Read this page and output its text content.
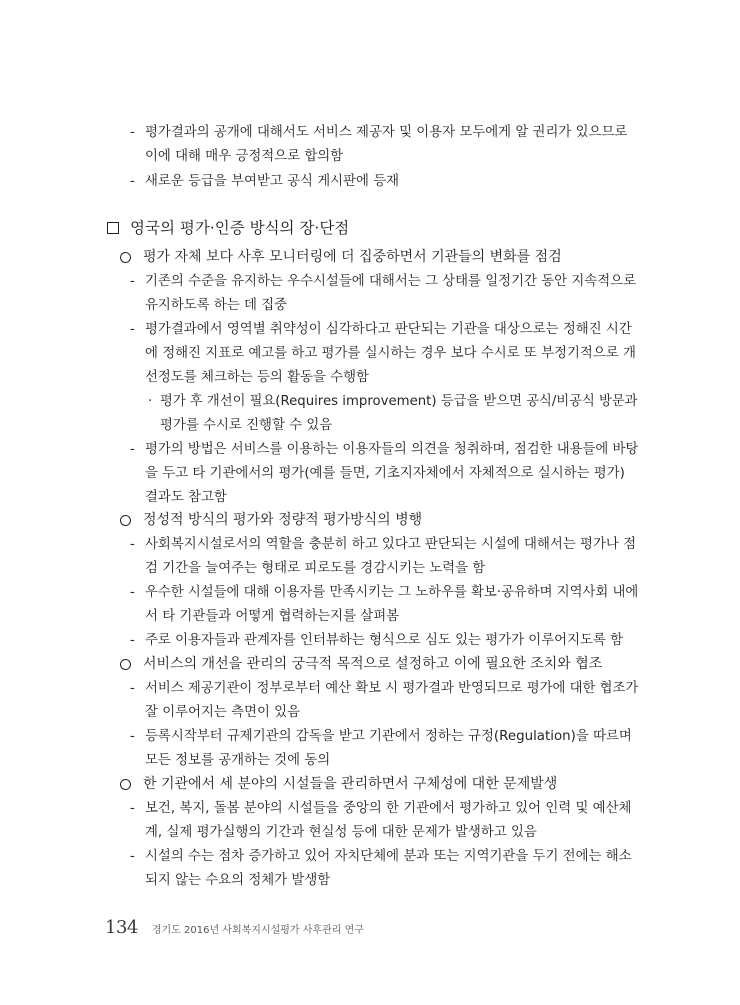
- 평가결과의 공개에 대해서도 서비스 제공자 및 이용자 모두에게 알 권리가 있으므로
이에 대해 매우 긍정적으로 합의함
- 새로운 등급을 부여받고 공식 게시판에 등재
영국의 평가·인증 방식의 장·단점
평가 자체 보다 사후 모니터링에 더 집중하면서 기관들의 변화를 점검
- 기존의 수준을 유지하는 우수시설들에 대해서는 그 상태를 일정기간 동안 지속적으로
유지하도록 하는 데 집중
- 평가결과에서 영역별 취약성이 심각하다고 판단되는 기관을 대상으로는 정해진 시간
에 정해진 지표로 예고를 하고 평가를 실시하는 경우 보다 수시로 또 부정기적으로 개
선정도를 체크하는 등의 활동을 수행함
· 평가 후 개선이 필요(Requires improvement) 등급을 받으면 공식/비공식 방문과
평가를 수시로 진행할 수 있음
- 평가의 방법은 서비스를 이용하는 이용자들의 의견을 청취하며, 점검한 내용들에 바탕
을 두고 타 기관에서의 평가(예를 들면, 기초지자체에서 자체적으로 실시하는 평가)
결과도 참고함
정성적 방식의 평가와 정량적 평가방식의 병행
- 사회복지시설로서의 역할을 충분히 하고 있다고 판단되는 시설에 대해서는 평가나 점
검 기간을 늘여주는 형태로 피로도를 경감시키는 노력을 함
- 우수한 시설들에 대해 이용자를 만족시키는 그 노하우를 확보·공유하며 지역사회 내에
서 타 기관들과 어떻게 협력하는지를 살펴봄
- 주로 이용자들과 관계자를 인터뷰하는 형식으로 심도 있는 평가가 이루어지도록 함
서비스의 개선을 관리의 궁극적 목적으로 설정하고 이에 필요한 조치와 협조
- 서비스 제공기관이 정부로부터 예산 확보 시 평가결과 반영되므로 평가에 대한 협조가
잘 이루어지는 측면이 있음
- 등록시작부터 규제기관의 감독을 받고 기관에서 정하는 규정(Regulation)을 따르며
모든 정보를 공개하는 것에 동의
한 기관에서 세 분야의 시설들을 관리하면서 구체성에 대한 문제발생
- 보건, 복지, 돌봄 분야의 시설들을 중앙의 한 기관에서 평가하고 있어 인력 및 예산체
계, 실제 평가실행의 기간과 현실성 등에 대한 문제가 발생하고 있음
- 시설의 수는 점차 증가하고 있어 자치단체에 분과 또는 지역기관을 두기 전에는 해소
되지 않는 수요의 정체가 발생함
134 경기도 2016년 사회복지시설평가 사후관리 연구
